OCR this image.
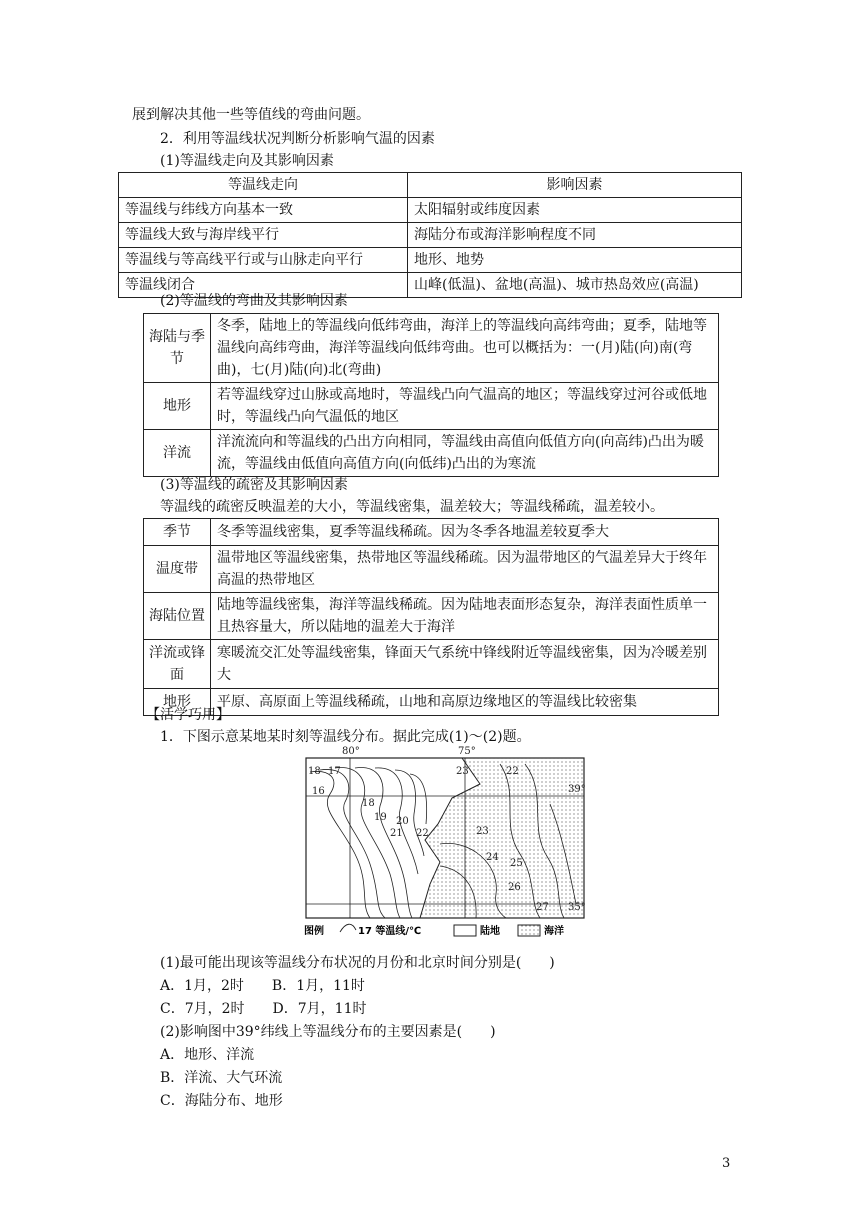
展到解决其他一些等值线的弯曲问题。
2．利用等温线状况判断分析影响气温的因素
(1)等温线走向及其影响因素
等温线走向	影响因素
等温线与纬线方向基本一致	太阳辐射或纬度因素
等温线大致与海岸线平行	海陆分布或海洋影响程度不同
等温线与等高线平行或与山脉走向平行	地形、地势
等温线闭合	山峰(低温)、盆地(高温)、城市热岛效应(高温)
(2)等温线的弯曲及其影响因素
海陆与季节	冬季，陆地上的等温线向低纬弯曲，海洋上的等温线向高纬弯曲；夏季，陆地等温线向高纬弯曲，海洋等温线向低纬弯曲。也可以概括为：一(月)陆(向)南(弯曲)，七(月)陆(向)北(弯曲)
地形	若等温线穿过山脉或高地时，等温线凸向气温高的地区；等温线穿过河谷或低地时，等温线凸向气温低的地区
洋流	洋流流向和等温线的凸出方向相同，等温线由高值向低值方向(向高纬)凸出为暖流，等温线由低值向高值方向(向低纬)凸出的为寒流
(3)等温线的疏密及其影响因素
等温线的疏密反映温差的大小，等温线密集，温差较大；等温线稀疏，温差较小。
季节	冬季等温线密集，夏季等温线稀疏。因为冬季各地温差较夏季大
温度带	温带地区等温线密集，热带地区等温线稀疏。因为温带地区的气温差异大于终年高温的热带地区
海陆位置	陆地等温线密集，海洋等温线稀疏。因为陆地表面形态复杂，海洋表面性质单一且热容量大，所以陆地的温差大于海洋
洋流或锋面	寒暖流交汇处等温线密集，锋面天气系统中锋线附近等温线密集，因为冷暖差别大
地形	平原、高原面上等温线稀疏，山地和高原边缘地区的等温线比较密集
【活学巧用】
1．下图示意某地某时刻等温线分布。据此完成(1)～(2)题。
80°	75°
39°
35°
18 17
16
18
19 20
21 22
23	22
23
24
25
26
27
图例	17 等温线/℃	陆地	海洋
(1)最可能出现该等温线分布状况的月份和北京时间分别是(　　)
A．1月，2时　　B．1月，11时
C．7月，2时　　D．7月，11时
(2)影响图中39°纬线上等温线分布的主要因素是(　　)
A．地形、洋流
B．洋流、大气环流
C．海陆分布、地形
3
